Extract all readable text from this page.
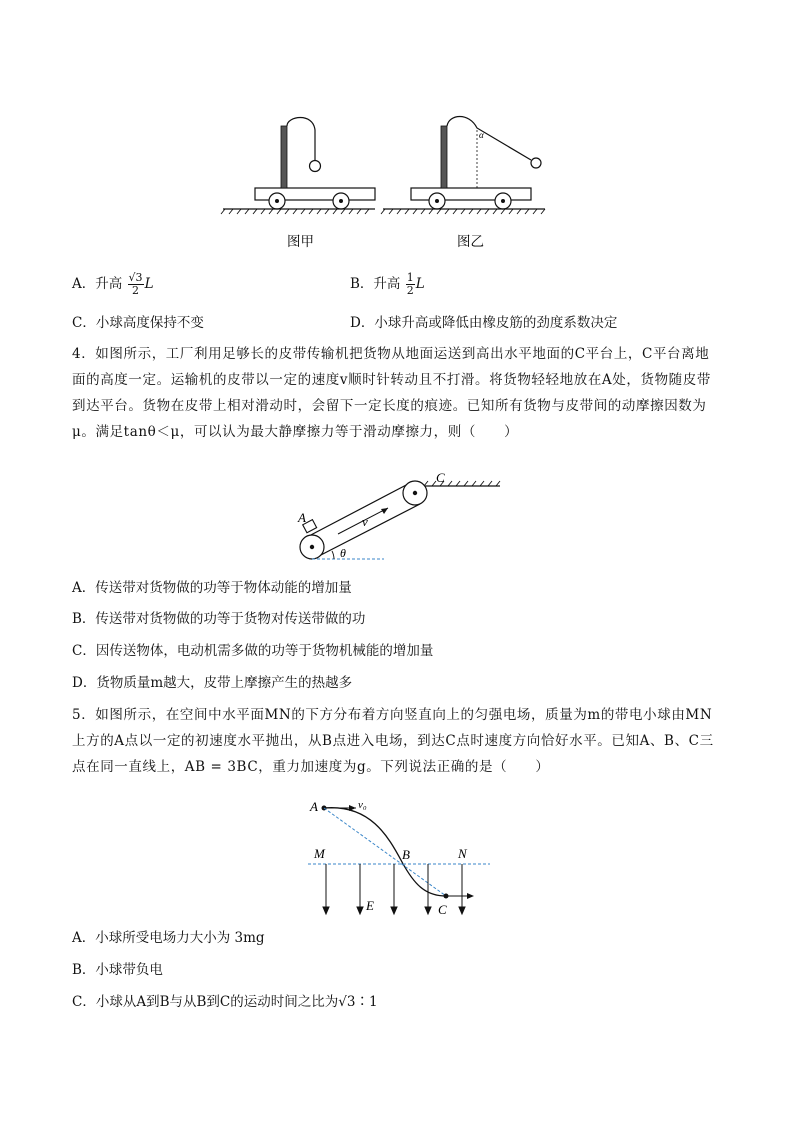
α
图甲	图乙
A．升高 $\frac{√3}{2}$ L	B．升高 $\frac{1}{2}$ L
C．小球高度保持不变	D．小球升高或降低由橡皮筋的劲度系数决定
4．如图所示，工厂利用足够长的皮带传输机把货物从地面运送到高出水平地面的C平台上，C平台离地面的高度一定。运输机的皮带以一定的速度v顺时针转动且不打滑。将货物轻轻地放在A处，货物随皮带到达平台。货物在皮带上相对滑动时，会留下一定长度的痕迹。已知所有货物与皮带间的动摩擦因数为μ。满足tanθ＜μ，可以认为最大静摩擦力等于滑动摩擦力，则（　　）
C
A	v
θ
A．传送带对货物做的功等于物体动能的增加量
B．传送带对货物做的功等于货物对传送带做的功
C．因传送物体，电动机需多做的功等于货物机械能的增加量
D．货物质量m越大，皮带上摩擦产生的热越多
5．如图所示，在空间中水平面MN的下方分布着方向竖直向上的匀强电场，质量为m的带电小球由MN上方的A点以一定的初速度水平抛出，从B点进入电场，到达C点时速度方向恰好水平。已知A、B、C三点在同一直线上，AB = 3BC，重力加速度为g。下列说法正确的是（　　）
A	v₀
M	N
B
E	C
A．小球所受电场力大小为 3mg
B．小球带负电
C．小球从A到B与从B到C的运动时间之比为√3∶1
